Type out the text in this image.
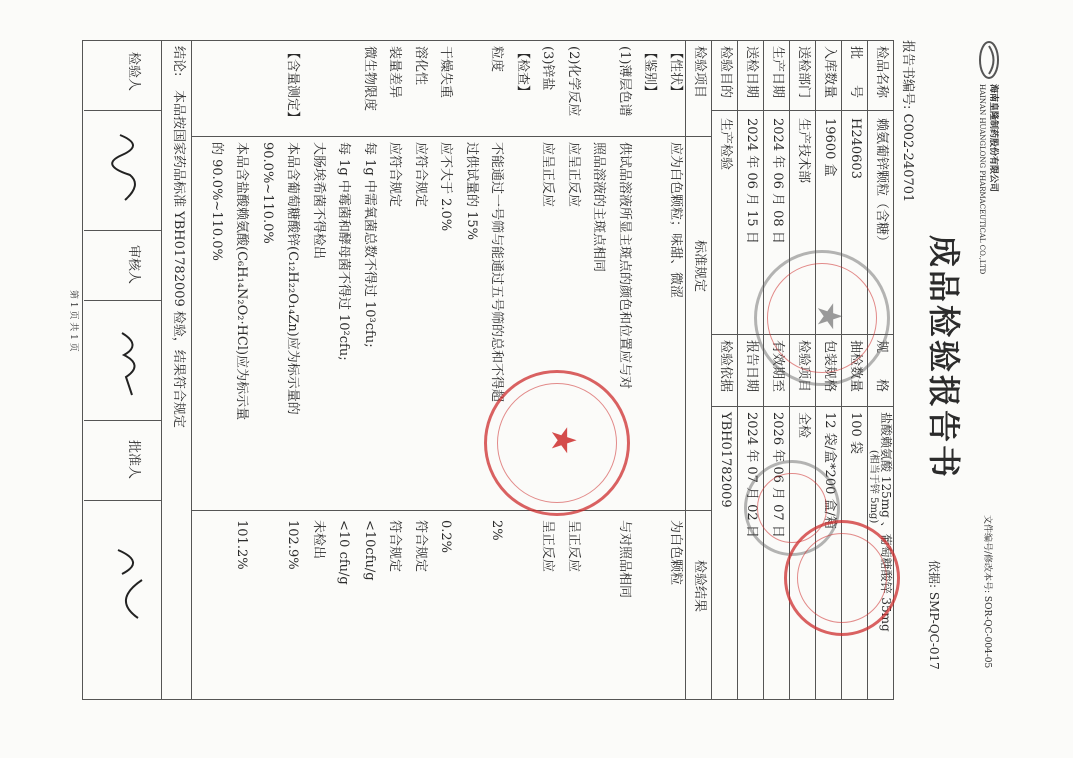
海南皇隆制药股份有限公司
HAINAN HUANGLONG PHARMACEUTICAL CO.,LTD
文件编号/修改本号: SOR-QC-004-05
成品检验报告书
依据: SMP-QC-017
报告书编号: C002-240701
检品名称
赖氨葡锌颗粒（含糖）
规　　格
盐酸赖氨酸 125mg 、葡萄糖酸锌 35mg
(相当于锌 5mg)
批　　号
H240603
抽检数量
100 袋
入库数量
19600 盒
包装规格
12 袋/盒*200 盒/箱
送检部门
生产技术部
检验项目
全检
生产日期
2024 年 06 月 08 日
有效期至
2026 年 06 月 07 日
送检日期
2024 年 06 月 15 日
报告日期
2024 年 07 月 02 日
检验目的
生产检验
检验依据
YBH01782009
检验项目
标准规定
检验结果
【性状】
应为白色颗粒；味甜、微涩
为白色颗粒
【鉴别】
(1)薄层色谱
供试品溶液所显主斑点的颜色和位置应与对
与对照品相同
照品溶液的主斑点相同
(2)化学反应
应呈正反应
呈正反应
(3)锌盐
应呈正反应
呈正反应
【检查】
粒度
不能通过一号筛与能通过五号筛的总和不得超
2%
过供试量的 15%
干燥失重
应不大于 2.0%
0.2%
溶化性
应符合规定
符合规定
装量差异
应符合规定
符合规定
微生物限度
每 1g 中需氧菌总数不得过 10³cfu;
<10cfu/g
每 1g 中霉菌和酵母菌不得过 10²cfu;
<10 cfu/g
大肠埃希菌不得检出
未检出
【含量测定】
本品含葡萄糖酸锌(C₁₂H₂₂O₁₄Zn)应为标示量的
102.9%
90.0%~110.0%
本品含盐酸赖氨酸(C₆H₁₄N₂O₂·HCl)应为标示量
101.2%
的 90.0%~110.0%
结论:
本品按国家药品标准 YBH01782009 检验，结果符合规定
检验人
审核人
批准人
第 1 页 共 1 页	★
★
